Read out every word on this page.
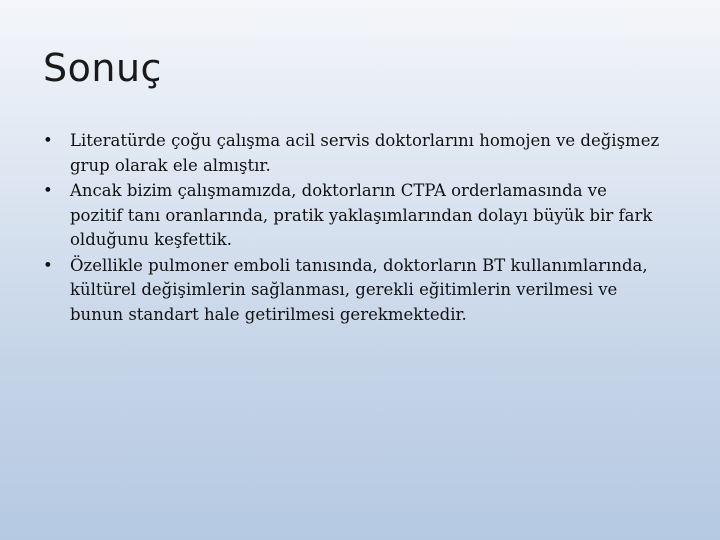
Sonuç
•	Literatürde çoğu çalışma acil servis doktorlarını homojen ve değişmez grup olarak ele almıştır.
•	Ancak bizim çalışmamızda, doktorların CTPA orderlamasında ve pozitif tanı oranlarında, pratik yaklaşımlarından dolayı büyük bir fark olduğunu keşfettik.
•	Özellikle pulmoner emboli tanısında, doktorların BT kullanımlarında, kültürel değişimlerin sağlanması, gerekli eğitimlerin verilmesi ve bunun standart hale getirilmesi gerekmektedir.
